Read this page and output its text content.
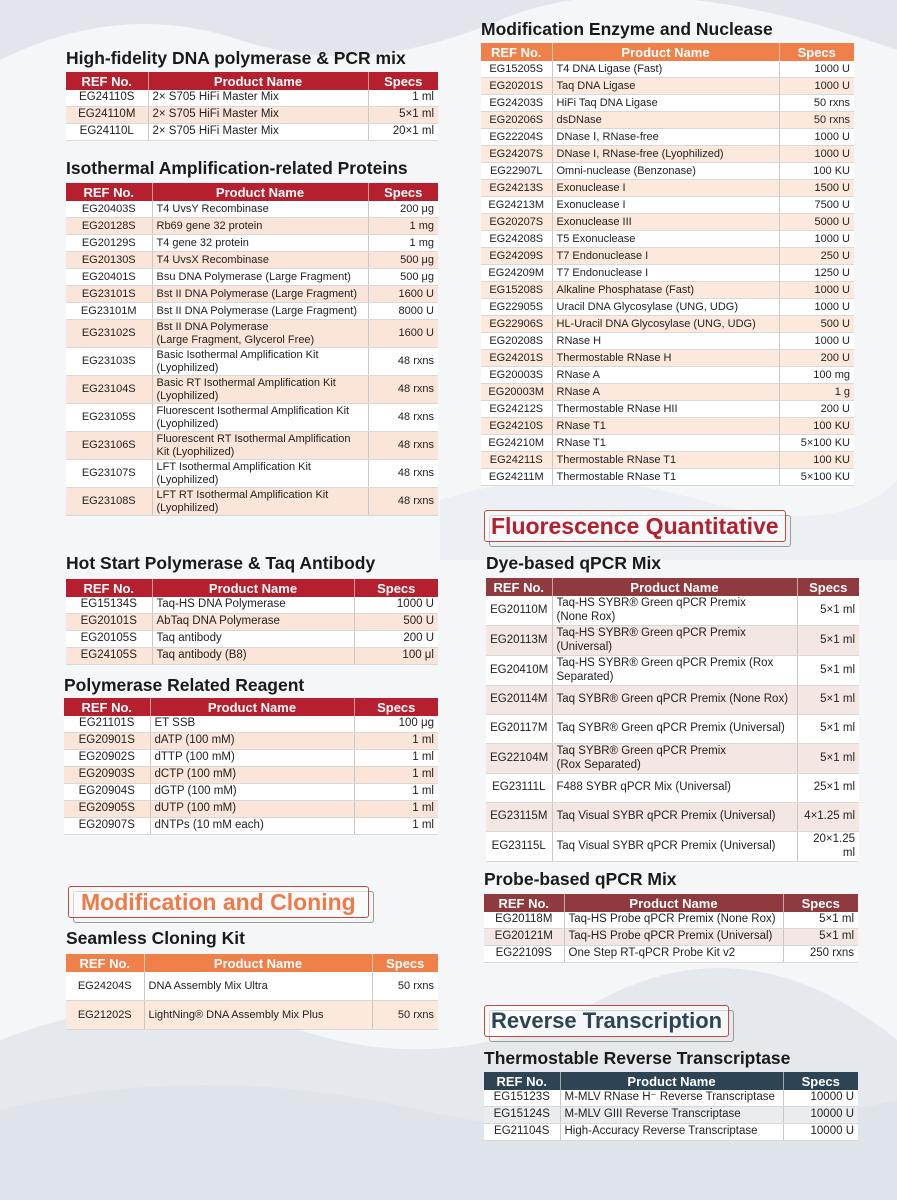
High-fidelity DNA polymerase & PCR mix
REF No.	Product Name	Specs
EG24110S	2× S705 HiFi Master Mix	1 ml
EG24110M	2× S705 HiFi Master Mix	5×1 ml
EG24110L	2× S705 HiFi Master Mix	20×1 ml
Isothermal Amplification-related Proteins
REF No.	Product Name	Specs
EG20403S	T4 UvsY Recombinase	200 μg
EG20128S	Rb69 gene 32 protein	1 mg
EG20129S	T4 gene 32 protein	1 mg
EG20130S	T4 UvsX Recombinase	500 μg
EG20401S	Bsu DNA Polymerase (Large Fragment)	500 μg
EG23101S	Bst II DNA Polymerase (Large Fragment)	1600 U
EG23101M	Bst II DNA Polymerase (Large Fragment)	8000 U
EG23102S	Bst II DNA Polymerase
(Large Fragment, Glycerol Free)	1600 U
EG23103S	Basic Isothermal Amplification Kit
(Lyophilized)	48 rxns
EG23104S	Basic RT Isothermal Amplification Kit
(Lyophilized)	48 rxns
EG23105S	Fluorescent Isothermal Amplification Kit
(Lyophilized)	48 rxns
EG23106S	Fluorescent RT Isothermal Amplification
Kit (Lyophilized)	48 rxns
EG23107S	LFT Isothermal Amplification Kit
(Lyophilized)	48 rxns
EG23108S	LFT RT Isothermal Amplification Kit
(Lyophilized)	48 rxns
Hot Start Polymerase & Taq Antibody
REF No.	Product Name	Specs
EG15134S	Taq-HS DNA Polymerase	1000 U
EG20101S	AbTaq DNA Polymerase	500 U
EG20105S	Taq antibody	200 U
EG24105S	Taq antibody (B8)	100 μl
Polymerase Related Reagent
REF No.	Product Name	Specs
EG21101S	ET SSB	100 μg
EG20901S	dATP (100 mM)	1 ml
EG20902S	dTTP (100 mM)	1 ml
EG20903S	dCTP (100 mM)	1 ml
EG20904S	dGTP (100 mM)	1 ml
EG20905S	dUTP (100 mM)	1 ml
EG20907S	dNTPs (10 mM each)	1 ml
Modification and Cloning
Seamless Cloning Kit
REF No.	Product Name	Specs
EG24204S	DNA Assembly Mix Ultra	50 rxns
EG21202S	LightNing® DNA Assembly Mix Plus	50 rxns
Modification Enzyme and Nuclease
REF No.	Product Name	Specs
EG15205S	T4 DNA Ligase (Fast)	1000 U
EG20201S	Taq DNA Ligase	1000 U
EG24203S	HiFi Taq DNA Ligase	50 rxns
EG20206S	dsDNase	50 rxns
EG22204S	DNase Ⅰ, RNase-free	1000 U
EG24207S	DNase I, RNase-free (Lyophilized)	1000 U
EG22907L	Omni-nuclease (Benzonase)	100 KU
EG24213S	Exonuclease I	1500 U
EG24213M	Exonuclease I	7500 U
EG20207S	Exonuclease III	5000 U
EG24208S	T5 Exonuclease	1000 U
EG24209S	T7 Endonuclease I	250 U
EG24209M	T7 Endonuclease I	1250 U
EG15208S	Alkaline Phosphatase (Fast)	1000 U
EG22905S	Uracil DNA Glycosylase (UNG, UDG)	1000 U
EG22906S	HL-Uracil DNA Glycosylase (UNG, UDG)	500 U
EG20208S	RNase H	1000 U
EG24201S	Thermostable RNase H	200 U
EG20003S	RNase A	100 mg
EG20003M	RNase A	1 g
EG24212S	Thermostable RNase HII	200 U
EG24210S	RNase T1	100 KU
EG24210M	RNase T1	5×100 KU
EG24211S	Thermostable RNase T1	100 KU
EG24211M	Thermostable RNase T1	5×100 KU
Fluorescence Quantitative
Dye-based qPCR Mix
REF No.	Product Name	Specs
EG20110M	Taq-HS SYBR® Green qPCR Premix
(None Rox)	5×1 ml
EG20113M	Taq-HS SYBR® Green qPCR Premix
(Universal)	5×1 ml
EG20410M	Taq-HS SYBR® Green qPCR Premix (Rox
Separated)	5×1 ml
EG20114M	Taq SYBR® Green qPCR Premix (None Rox)	5×1 ml
EG20117M	Taq SYBR® Green qPCR Premix (Universal)	5×1 ml
EG22104M	Taq SYBR® Green qPCR Premix
(Rox Separated)	5×1 ml
EG23111L	F488 SYBR qPCR Mix (Universal)	25×1 ml
EG23115M	Taq Visual SYBR qPCR Premix (Universal)	4×1.25 ml
EG23115L	Taq Visual SYBR qPCR Premix (Universal)	20×1.25 ml
Probe-based qPCR Mix
REF No.	Product Name	Specs
EG20118M	Taq-HS Probe qPCR Premix (None Rox)	5×1 ml
EG20121M	Taq-HS Probe qPCR Premix (Universal)	5×1 ml
EG22109S	One Step RT-qPCR Probe Kit v2	250 rxns
Reverse Transcription
Thermostable Reverse Transcriptase
REF No.	Product Name	Specs
EG15123S	M-MLV RNase H⁻ Reverse Transcriptase	10000 U
EG15124S	M-MLV GIII Reverse Transcriptase	10000 U
EG21104S	High-Accuracy Reverse Transcriptase	10000 U
